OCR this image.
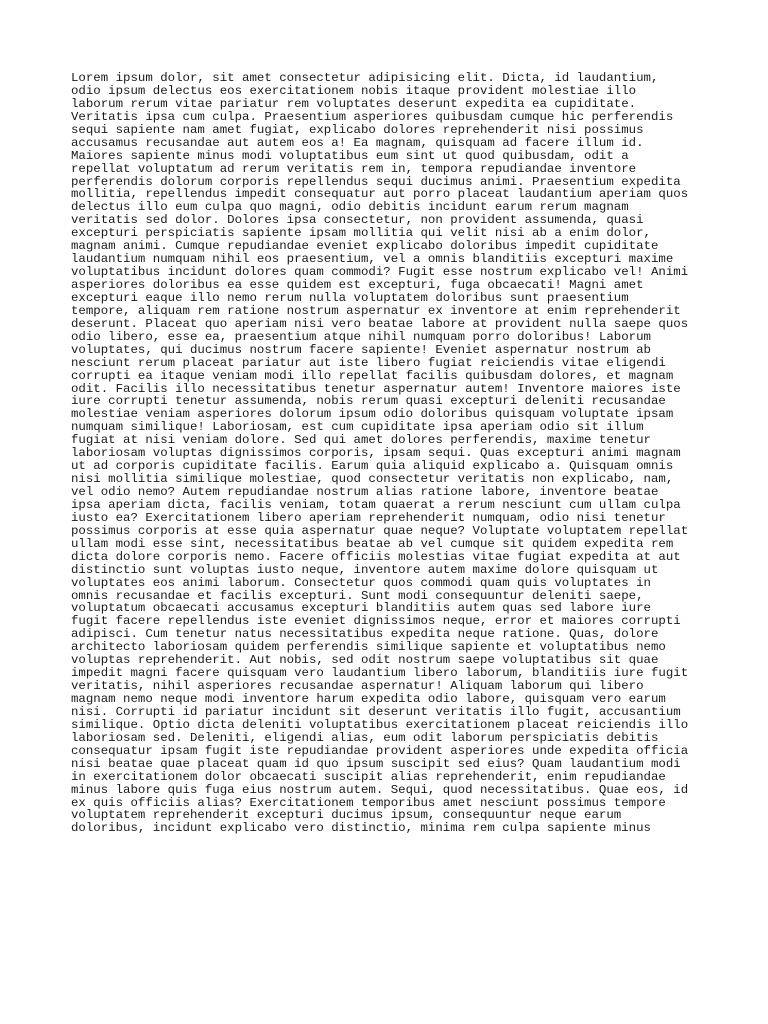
Lorem ipsum dolor, sit amet consectetur adipisicing elit. Dicta, id laudantium,
odio ipsum delectus eos exercitationem nobis itaque provident molestiae illo
laborum rerum vitae pariatur rem voluptates deserunt expedita ea cupiditate.
Veritatis ipsa cum culpa. Praesentium asperiores quibusdam cumque hic perferendis
sequi sapiente nam amet fugiat, explicabo dolores reprehenderit nisi possimus
accusamus recusandae aut autem eos a! Ea magnam, quisquam ad facere illum id.
Maiores sapiente minus modi voluptatibus eum sint ut quod quibusdam, odit a
repellat voluptatum ad rerum veritatis rem in, tempora repudiandae inventore
perferendis dolorum corporis repellendus sequi ducimus animi. Praesentium expedita
mollitia, repellendus impedit consequatur aut porro placeat laudantium aperiam quos
delectus illo eum culpa quo magni, odio debitis incidunt earum rerum magnam
veritatis sed dolor. Dolores ipsa consectetur, non provident assumenda, quasi
excepturi perspiciatis sapiente ipsam mollitia qui velit nisi ab a enim dolor,
magnam animi. Cumque repudiandae eveniet explicabo doloribus impedit cupiditate
laudantium numquam nihil eos praesentium, vel a omnis blanditiis excepturi maxime
voluptatibus incidunt dolores quam commodi? Fugit esse nostrum explicabo vel! Animi
asperiores doloribus ea esse quidem est excepturi, fuga obcaecati! Magni amet
excepturi eaque illo nemo rerum nulla voluptatem doloribus sunt praesentium
tempore, aliquam rem ratione nostrum aspernatur ex inventore at enim reprehenderit
deserunt. Placeat quo aperiam nisi vero beatae labore at provident nulla saepe quos
odio libero, esse ea, praesentium atque nihil numquam porro doloribus! Laborum
voluptates, qui ducimus nostrum facere sapiente! Eveniet aspernatur nostrum ab
nesciunt rerum placeat pariatur aut iste libero fugiat reiciendis vitae eligendi
corrupti ea itaque veniam modi illo repellat facilis quibusdam dolores, et magnam
odit. Facilis illo necessitatibus tenetur aspernatur autem! Inventore maiores iste
iure corrupti tenetur assumenda, nobis rerum quasi excepturi deleniti recusandae
molestiae veniam asperiores dolorum ipsum odio doloribus quisquam voluptate ipsam
numquam similique! Laboriosam, est cum cupiditate ipsa aperiam odio sit illum
fugiat at nisi veniam dolore. Sed qui amet dolores perferendis, maxime tenetur
laboriosam voluptas dignissimos corporis, ipsam sequi. Quas excepturi animi magnam
ut ad corporis cupiditate facilis. Earum quia aliquid explicabo a. Quisquam omnis
nisi mollitia similique molestiae, quod consectetur veritatis non explicabo, nam,
vel odio nemo? Autem repudiandae nostrum alias ratione labore, inventore beatae
ipsa aperiam dicta, facilis veniam, totam quaerat a rerum nesciunt cum ullam culpa
iusto ea? Exercitationem libero aperiam reprehenderit numquam, odio nisi tenetur
possimus corporis at esse quia aspernatur quae neque? Voluptate voluptatem repellat
ullam modi esse sint, necessitatibus beatae ab vel cumque sit quidem expedita rem
dicta dolore corporis nemo. Facere officiis molestias vitae fugiat expedita at aut
distinctio sunt voluptas iusto neque, inventore autem maxime dolore quisquam ut
voluptates eos animi laborum. Consectetur quos commodi quam quis voluptates in
omnis recusandae et facilis excepturi. Sunt modi consequuntur deleniti saepe,
voluptatum obcaecati accusamus excepturi blanditiis autem quas sed labore iure
fugit facere repellendus iste eveniet dignissimos neque, error et maiores corrupti
adipisci. Cum tenetur natus necessitatibus expedita neque ratione. Quas, dolore
architecto laboriosam quidem perferendis similique sapiente et voluptatibus nemo
voluptas reprehenderit. Aut nobis, sed odit nostrum saepe voluptatibus sit quae
impedit magni facere quisquam vero laudantium libero laborum, blanditiis iure fugit
veritatis, nihil asperiores recusandae aspernatur! Aliquam laborum qui libero
magnam nemo neque modi inventore harum expedita odio labore, quisquam vero earum
nisi. Corrupti id pariatur incidunt sit deserunt veritatis illo fugit, accusantium
similique. Optio dicta deleniti voluptatibus exercitationem placeat reiciendis illo
laboriosam sed. Deleniti, eligendi alias, eum odit laborum perspiciatis debitis
consequatur ipsam fugit iste repudiandae provident asperiores unde expedita officia
nisi beatae quae placeat quam id quo ipsum suscipit sed eius? Quam laudantium modi
in exercitationem dolor obcaecati suscipit alias reprehenderit, enim repudiandae
minus labore quis fuga eius nostrum autem. Sequi, quod necessitatibus. Quae eos, id
ex quis officiis alias? Exercitationem temporibus amet nesciunt possimus tempore
voluptatem reprehenderit excepturi ducimus ipsum, consequuntur neque earum
doloribus, incidunt explicabo vero distinctio, minima rem culpa sapiente minus
